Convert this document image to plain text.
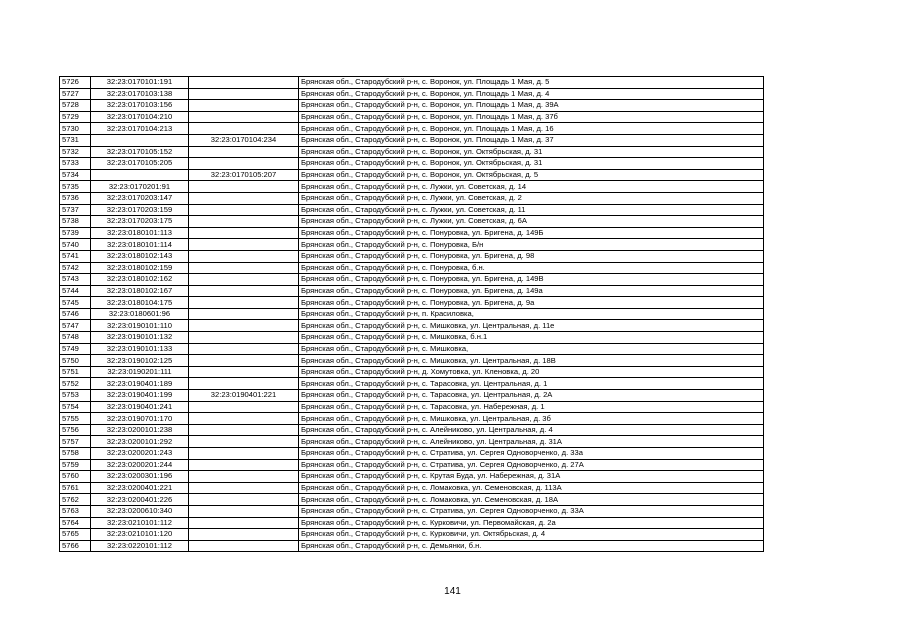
5726	32:23:0170101:191		Брянская обл., Стародубский р-н, с. Воронок, ул. Площадь 1 Мая, д. 5
5727	32:23:0170103:138		Брянская обл., Стародубский р-н, с. Воронок, ул. Площадь 1 Мая, д. 4
5728	32:23:0170103:156		Брянская обл., Стародубский р-н, с. Воронок, ул. Площадь 1 Мая, д. 39А
5729	32:23:0170104:210		Брянская обл., Стародубский р-н, с. Воронок, ул. Площадь 1 Мая, д. 37б
5730	32:23:0170104:213		Брянская обл., Стародубский р-н, с. Воронок, ул. Площадь 1 Мая, д. 16
5731		32:23:0170104:234	Брянская обл., Стародубский р-н, с. Воронок, ул. Площадь 1 Мая, д. 37
5732	32:23:0170105:152		Брянская обл., Стародубский р-н, с. Воронок, ул. Октябрьская, д. 31
5733	32:23:0170105:205		Брянская обл., Стародубский р-н, с. Воронок, ул. Октябрьская, д. 31
5734		32:23:0170105:207	Брянская обл., Стародубский р-н, с. Воронок, ул. Октябрьская, д. 5
5735	32:23:0170201:91		Брянская обл., Стародубский р-н, с. Лужки, ул. Советская, д. 14
5736	32:23:0170203:147		Брянская обл., Стародубский р-н, с. Лужки, ул. Советская, д. 2
5737	32:23:0170203:159		Брянская обл., Стародубский р-н, с. Лужки, ул. Советская, д. 11
5738	32:23:0170203:175		Брянская обл., Стародубский р-н, с. Лужки, ул. Советская, д. 6А
5739	32:23:0180101:113		Брянская обл., Стародубский р-н, с. Понуровка, ул. Бригена, д. 149Б
5740	32:23:0180101:114		Брянская обл., Стародубский р-н, с. Понуровка, Б/н
5741	32:23:0180102:143		Брянская обл., Стародубский р-н, с. Понуровка, ул. Бригена, д. 98
5742	32:23:0180102:159		Брянская обл., Стародубский р-н, с. Понуровка, б.н.
5743	32:23:0180102:162		Брянская обл., Стародубский р-н, с. Понуровка, ул. Бригена, д. 149В
5744	32:23:0180102:167		Брянская обл., Стародубский р-н, с. Понуровка, ул. Бригена, д. 149а
5745	32:23:0180104:175		Брянская обл., Стародубский р-н, с. Понуровка, ул. Бригена, д. 9а
5746	32:23:0180601:96		Брянская обл., Стародубский р-н, п. Красиловка,
5747	32:23:0190101:110		Брянская обл., Стародубский р-н, с. Мишковка, ул. Центральная, д. 11е
5748	32:23:0190101:132		Брянская обл., Стародубский р-н, с. Мишковка, б.н.1
5749	32:23:0190101:133		Брянская обл., Стародубский р-н, с. Мишковка,
5750	32:23:0190102:125		Брянская обл., Стародубский р-н, с. Мишковка, ул. Центральная, д. 18В
5751	32:23:0190201:111		Брянская обл., Стародубский р-н, д. Хомутовка, ул. Кленовка, д. 20
5752	32:23:0190401:189		Брянская обл., Стародубский р-н, с. Тарасовка, ул. Центральная, д. 1
5753	32:23:0190401:199	32:23:0190401:221	Брянская обл., Стародубский р-н, с. Тарасовка, ул. Центральная, д. 2А
5754	32:23:0190401:241		Брянская обл., Стародубский р-н, с. Тарасовка, ул. Набережная, д. 1
5755	32:23:0190701:170		Брянская обл., Стародубский р-н, с. Мишковка, ул. Центральная, д. 3б
5756	32:23:0200101:238		Брянская обл., Стародубский р-н, с. Алейниково, ул. Центральная, д. 4
5757	32:23:0200101:292		Брянская обл., Стародубский р-н, с. Алейниково, ул. Центральная, д. 31А
5758	32:23:0200201:243		Брянская обл., Стародубский р-н, с. Стратива, ул. Сергея Одноворченко, д. 33а
5759	32:23:0200201:244		Брянская обл., Стародубский р-н, с. Стратива, ул. Сергея Одноворченко, д. 27А
5760	32:23:0200301:196		Брянская обл., Стародубский р-н, с. Крутая Буда, ул. Набережная, д. 31А
5761	32:23:0200401:221		Брянская обл., Стародубский р-н, с. Ломаковка, ул. Семеновская, д. 113А
5762	32:23:0200401:226		Брянская обл., Стародубский р-н, с. Ломаковка, ул. Семеновская, д. 18А
5763	32:23:0200610:340		Брянская обл., Стародубский р-н, с. Стратива, ул. Сергея Одноворченко, д. 33А
5764	32:23:0210101:112		Брянская обл., Стародубский р-н, с. Курковичи, ул. Первомайская, д. 2а
5765	32:23:0210101:120		Брянская обл., Стародубский р-н, с. Курковичи, ул. Октябрьская, д. 4
5766	32:23:0220101:112		Брянская обл., Стародубский р-н, с. Демьянки, б.н.
141
